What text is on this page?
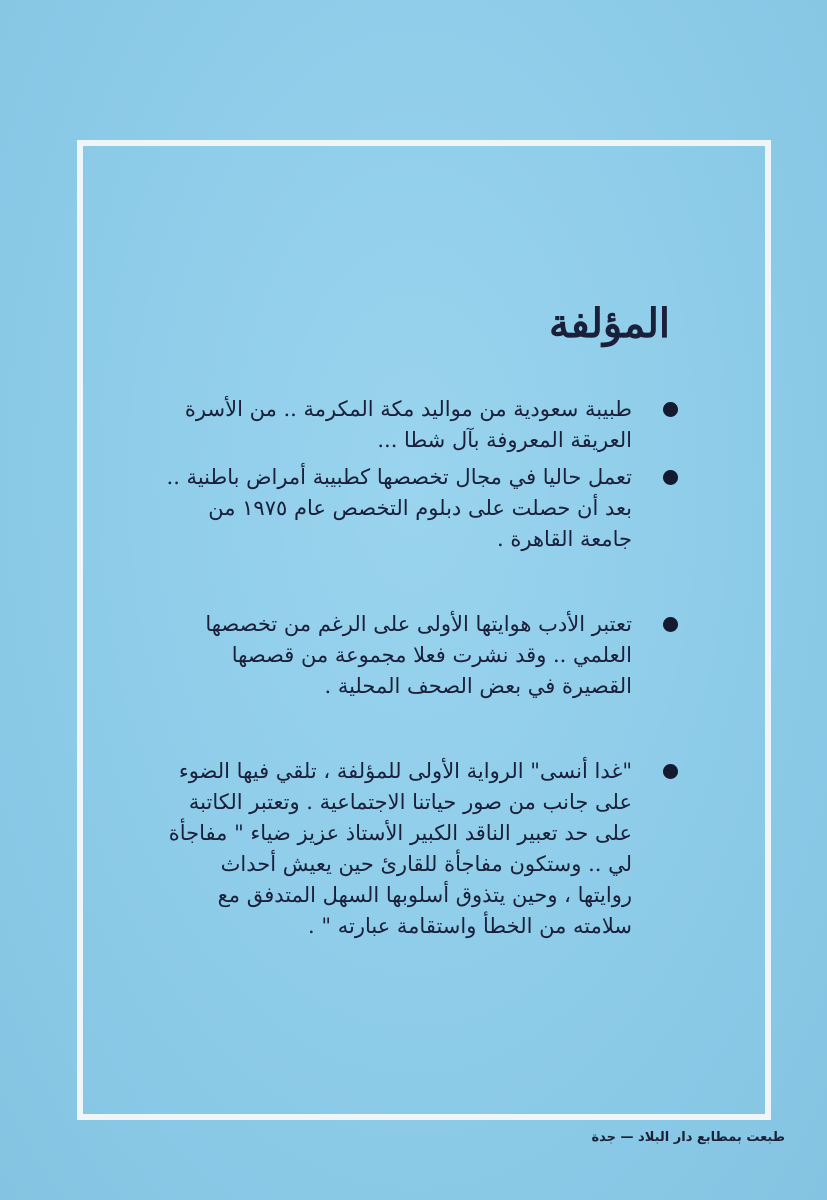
المؤلفة
طبيبة سعودية من مواليد مكة المكرمة .. من الأسرة العريقة المعروفة بآل شطا ...
تعمل حاليا في مجال تخصصها كطبيبة أمراض باطنية .. بعد أن حصلت على دبلوم التخصص عام ١٩٧٥ من جامعة القاهرة .
تعتبر الأدب هوايتها الأولى على الرغم من تخصصها العلمي .. وقد نشرت فعلا مجموعة من قصصها القصيرة في بعض الصحف المحلية .
"غدا أنسى" الرواية الأولى للمؤلفة ، تلقي فيها الضوء على جانب من صور حياتنا الاجتماعية . وتعتبر الكاتبة على حد تعبير الناقد الكبير الأستاذ عزيز ضياء " مفاجأة لي .. وستكون مفاجأة للقارئ حين يعيش أحداث روايتها ، وحين يتذوق أسلوبها السهل المتدفق مع سلامته من الخطأ واستقامة عبارته " .
طبعت بمطابع دار البلاد — جدة
